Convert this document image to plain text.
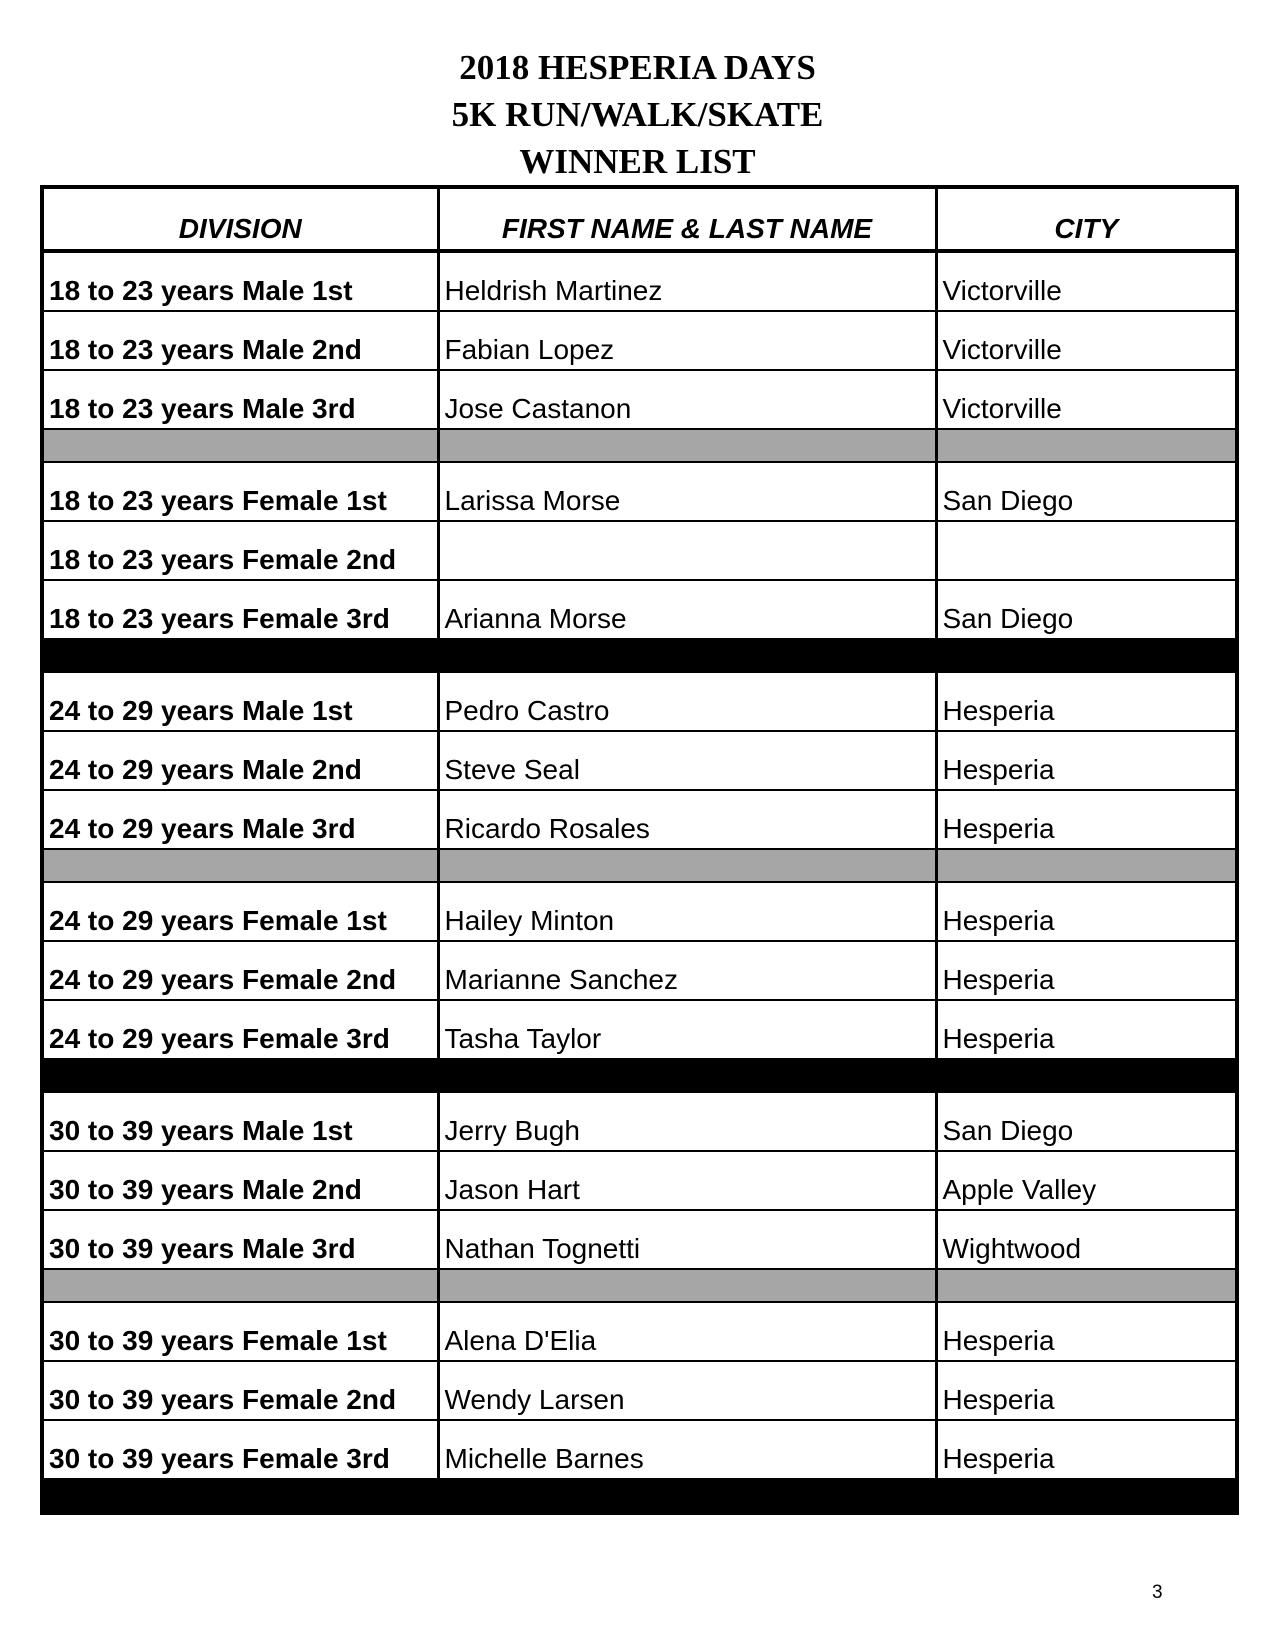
2018 HESPERIA DAYS
5K RUN/WALK/SKATE
WINNER LIST
DIVISION	FIRST NAME & LAST NAME	CITY
18 to 23 years Male 1st	Heldrish Martinez	Victorville
18 to 23 years Male 2nd	Fabian Lopez	Victorville
18 to 23 years Male 3rd	Jose Castanon	Victorville

18 to 23 years Female 1st	Larissa Morse	San Diego
18 to 23 years Female 2nd		
18 to 23 years Female 3rd	Arianna Morse	San Diego

24 to 29 years Male 1st	Pedro Castro	Hesperia
24 to 29 years Male 2nd	Steve Seal	Hesperia
24 to 29 years Male 3rd	Ricardo Rosales	Hesperia

24 to 29 years Female 1st	Hailey Minton	Hesperia
24 to 29 years Female 2nd	Marianne Sanchez	Hesperia
24 to 29 years Female 3rd	Tasha Taylor	Hesperia

30 to 39 years Male 1st	Jerry Bugh	San Diego
30 to 39 years Male 2nd	Jason Hart	Apple Valley
30 to 39 years Male 3rd	Nathan Tognetti	Wightwood

30 to 39 years Female 1st	Alena D'Elia	Hesperia
30 to 39 years Female 2nd	Wendy Larsen	Hesperia
30 to 39 years Female 3rd	Michelle Barnes	Hesperia

3
